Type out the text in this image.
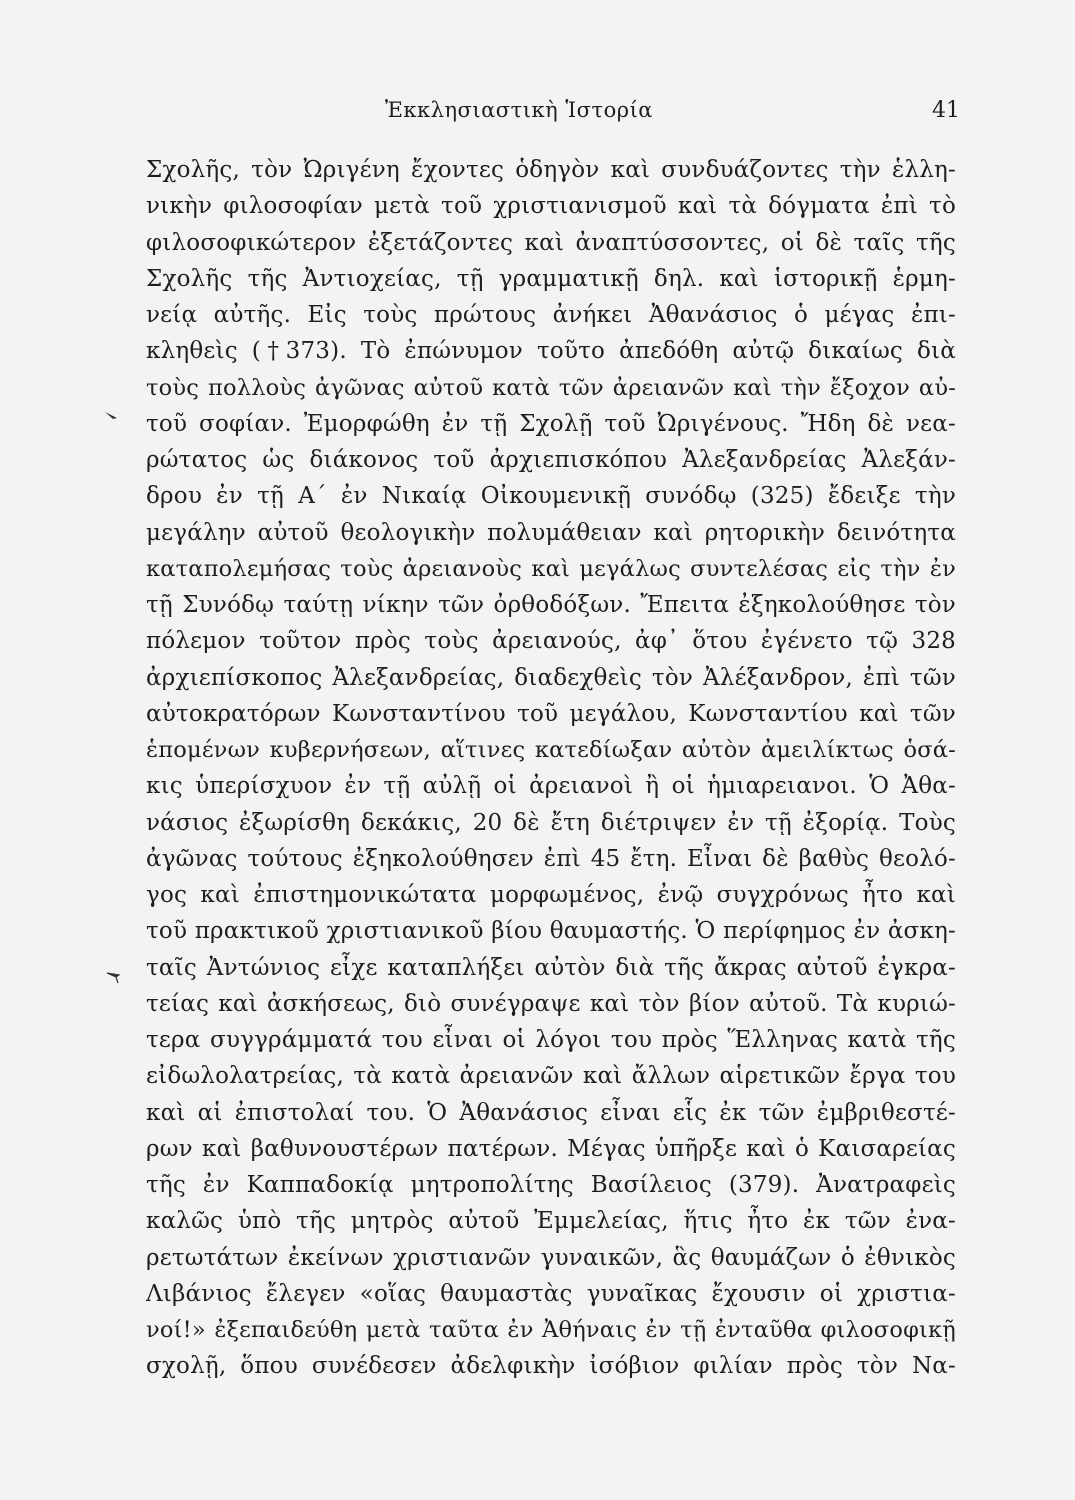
Ἐκκλησιαστικὴ Ἱστορία	41
Σχολῆς, τὸν Ὠριγένη ἔχοντες ὁδηγὸν καὶ συνδυάζοντες τὴν ἑλλη-
νικὴν φιλοσοφίαν μετὰ τοῦ χριστιανισμοῦ καὶ τὰ δόγματα ἐπὶ τὸ
φιλοσοφικώτερον ἐξετάζοντες καὶ ἀναπτύσσοντες, οἱ δὲ ταῖς τῆς
Σχολῆς τῆς Ἀντιοχείας, τῇ γραμματικῇ δηλ. καὶ ἱστορικῇ ἑρμη-
νείᾳ αὐτῆς. Εἰς τοὺς πρώτους ἀνήκει Ἀθανάσιος ὁ μέγας ἐπι-
κληθεὶς (†373). Τὸ ἐπώνυμον τοῦτο ἀπεδόθη αὐτῷ δικαίως διὰ
τοὺς πολλοὺς ἀγῶνας αὐτοῦ κατὰ τῶν ἀρειανῶν καὶ τὴν ἔξοχον αὐ-
τοῦ σοφίαν. Ἐμορφώθη ἐν τῇ Σχολῇ τοῦ Ὠριγένους. Ἤδη δὲ νεα-
ρώτατος ὡς διάκονος τοῦ ἀρχιεπισκόπου Ἀλεξανδρείας Ἀλεξάν-
δρου ἐν τῇ Α΄ ἐν Νικαίᾳ Οἰκουμενικῇ συνόδῳ (325) ἔδειξε τὴν
μεγάλην αὐτοῦ θεολογικὴν πολυμάθειαν καὶ ρητορικὴν δεινότητα
καταπολεμήσας τοὺς ἀρειανοὺς καὶ μεγάλως συντελέσας εἰς τὴν ἐν
τῇ Συνόδῳ ταύτῃ νίκην τῶν ὀρθοδόξων. Ἔπειτα ἐξηκολούθησε τὸν
πόλεμον τοῦτον πρὸς τοὺς ἀρειανούς, ἀφ᾽ ὅτου ἐγένετο τῷ 328
ἀρχιεπίσκοπος Ἀλεξανδρείας, διαδεχθεὶς τὸν Ἀλέξανδρον, ἐπὶ τῶν
αὐτοκρατόρων Κωνσταντίνου τοῦ μεγάλου, Κωνσταντίου καὶ τῶν
ἑπομένων κυβερνήσεων, αἵτινες κατεδίωξαν αὐτὸν ἀμειλίκτως ὁσά-
κις ὑπερίσχυον ἐν τῇ αὐλῇ οἱ ἀρειανοὶ ἢ οἱ ἡμιαρειανοι. Ὁ Ἀθα-
νάσιος ἐξωρίσθη δεκάκις, 20 δὲ ἔτη διέτριψεν ἐν τῇ ἐξορίᾳ. Τοὺς
ἀγῶνας τούτους ἐξηκολούθησεν ἐπὶ 45 ἔτη. Εἶναι δὲ βαθὺς θεολό-
γος καὶ ἐπιστημονικώτατα μορφωμένος, ἐνῷ συγχρόνως ἦτο καὶ
τοῦ πρακτικοῦ χριστιανικοῦ βίου θαυμαστής. Ὁ περίφημος ἐν ἀσκη-
ταῖς Ἀντώνιος εἶχε καταπλήξει αὐτὸν διὰ τῆς ἄκρας αὐτοῦ ἐγκρα-
τείας καὶ ἀσκήσεως, διὸ συνέγραψε καὶ τὸν βίον αὐτοῦ. Τὰ κυριώ-
τερα συγγράμματά του εἶναι οἱ λόγοι του πρὸς Ἕλληνας κατὰ τῆς
εἰδωλολατρείας, τὰ κατὰ ἀρειανῶν καὶ ἄλλων αἱρετικῶν ἔργα του
καὶ αἱ ἐπιστολαί του. Ὁ Ἀθανάσιος εἶναι εἷς ἐκ τῶν ἐμβριθεστέ-
ρων καὶ βαθυνουστέρων πατέρων. Μέγας ὑπῆρξε καὶ ὁ Καισαρείας
τῆς ἐν Καππαδοκίᾳ μητροπολίτης Βασίλειος (379). Ἀνατραφεὶς
καλῶς ὑπὸ τῆς μητρὸς αὐτοῦ Ἐμμελείας, ἥτις ἦτο ἐκ τῶν ἐνα-
ρετωτάτων ἐκείνων χριστιανῶν γυναικῶν, ἃς θαυμάζων ὁ ἐθνικὸς
Λιβάνιος ἔλεγεν «οἵας θαυμαστὰς γυναῖκας ἔχουσιν οἱ χριστια-
νοί!» ἐξεπαιδεύθη μετὰ ταῦτα ἐν Ἀθήναις ἐν τῇ ἐνταῦθα φιλοσοφικῇ
σχολῇ, ὅπου συνέδεσεν ἀδελφικὴν ἰσόβιον φιλίαν πρὸς τὸν Να-
